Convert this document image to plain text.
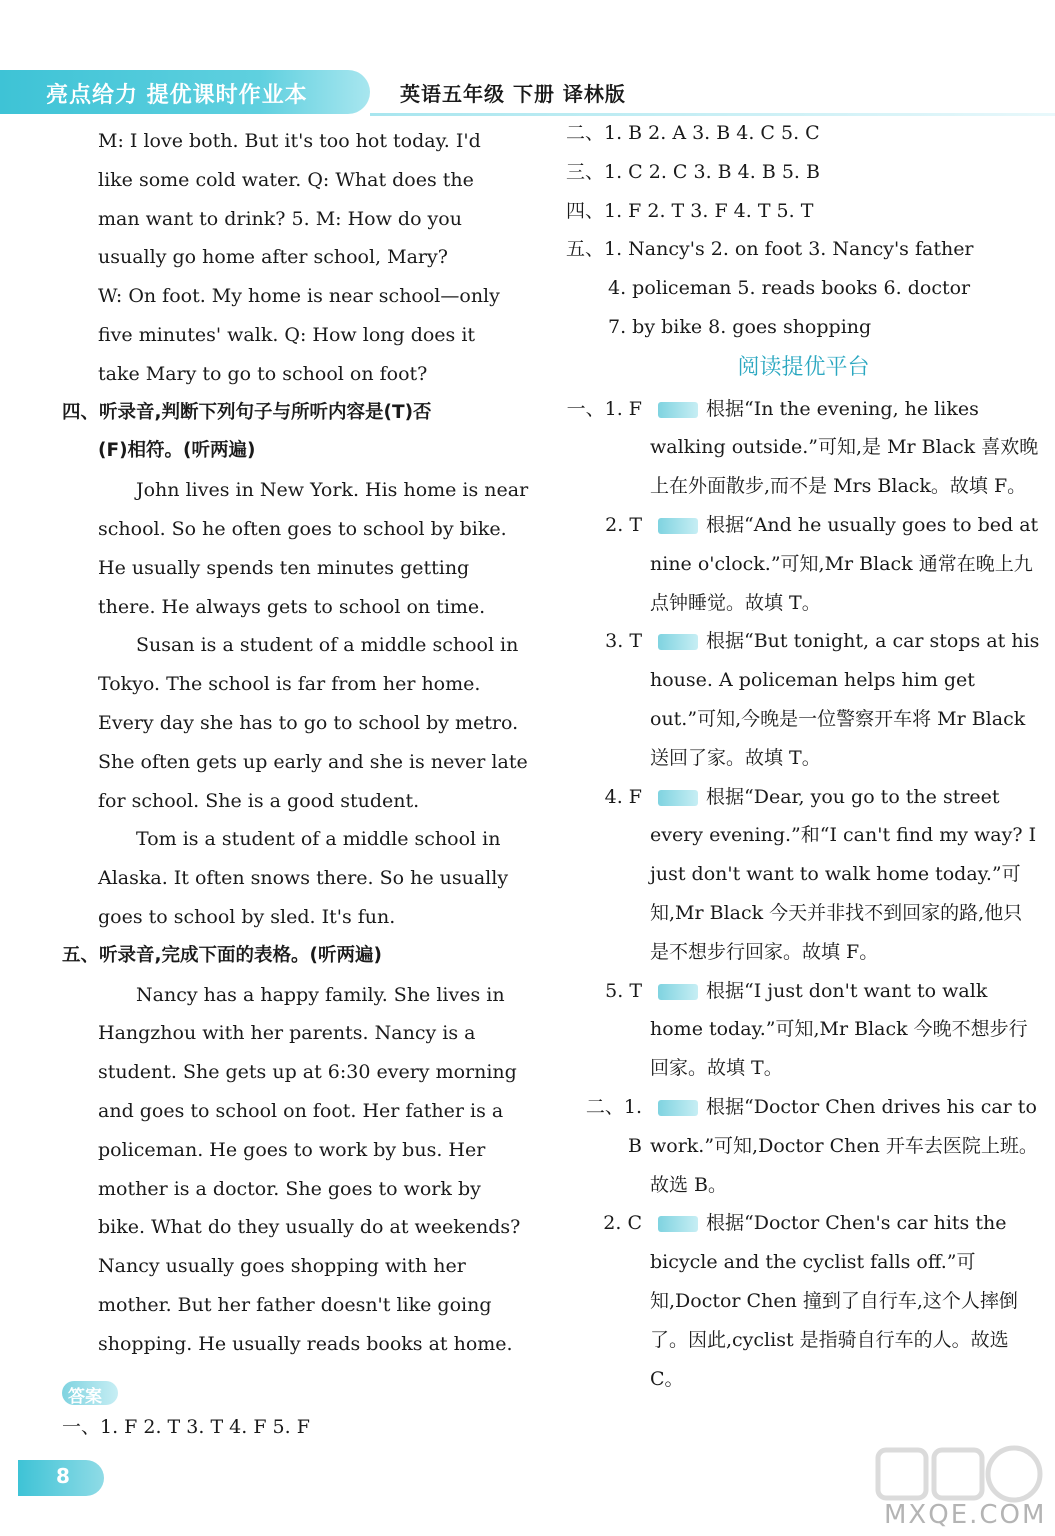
亮点给力 提优课时作业本	英语五年级 下册 译林版

M: I love both. But it's too hot today. I'd

like some cold water. Q: What does the

man want to drink? 5. M: How do you

usually go home after school, Mary?

W: On foot. My home is near school—only

five minutes' walk. Q: How long does it

take Mary to go to school on foot?

四、听录音,判断下列句子与所听内容是(T)否

(F)相符。(听两遍)

John lives in New York. His home is near school. So he often goes to school by bike. He usually spends ten minutes getting there. He always gets to school on time.

Susan is a student of a middle school in Tokyo. The school is far from her home. Every day she has to go to school by metro. She often gets up early and she is never late for school. She is a good student.

Tom is a student of a middle school in Alaska. It often snows there. So he usually goes to school by sled. It's fun.

五、听录音,完成下面的表格。(听两遍)

Nancy has a happy family. She lives in Hangzhou with her parents. Nancy is a student. She gets up at 6:30 every morning and goes to school on foot. Her father is a policeman. He goes to work by bus. Her mother is a doctor. She goes to work by bike. What do they usually do at weekends? Nancy usually goes shopping with her mother. But her father doesn't like going shopping. He usually reads books at home.

答案
一、1. F 2. T 3. T 4. F 5. F

二、1. B 2. A 3. B 4. C 5. C

三、1. C 2. C 3. B 4. B 5. B

四、1. F 2. T 3. F 4. T 5. T

五、1. Nancy's 2. on foot 3. Nancy's father

4. policeman 5. reads books 6. doctor

7. by bike 8. goes shopping

阅读提优平台

一、1. F	根据“In the evening, he likes walking outside.”可知,是 Mr Black 喜欢晚上在外面散步,而不是 Mrs Black。故填 F。
2. T	根据“And he usually goes to bed at nine o'clock.”可知,Mr Black 通常在晚上九点钟睡觉。故填 T。
3. T	根据“But tonight, a car stops at his house. A policeman helps him get out.”可知,今晚是一位警察开车将 Mr Black 送回了家。故填 T。
4. F	根据“Dear, you go to the street every evening.”和“I can't find my way? I just don't want to walk home today.”可知,Mr Black 今天并非找不到回家的路,他只是不想步行回家。故填 F。
5. T	根据“I just don't want to walk home today.”可知,Mr Black 今晚不想步行回家。故填 T。
二、1. B
根据“Doctor Chen drives his car to work.”可知,Doctor Chen 开车去医院上班。故选 B。
2. C	根据“Doctor Chen's car hits the bicycle and the cyclist falls off.”可知,Doctor Chen 撞到了自行车,这个人摔倒了。因此,cyclist 是指骑自行车的人。故选 C。
8
MXQE.COM
